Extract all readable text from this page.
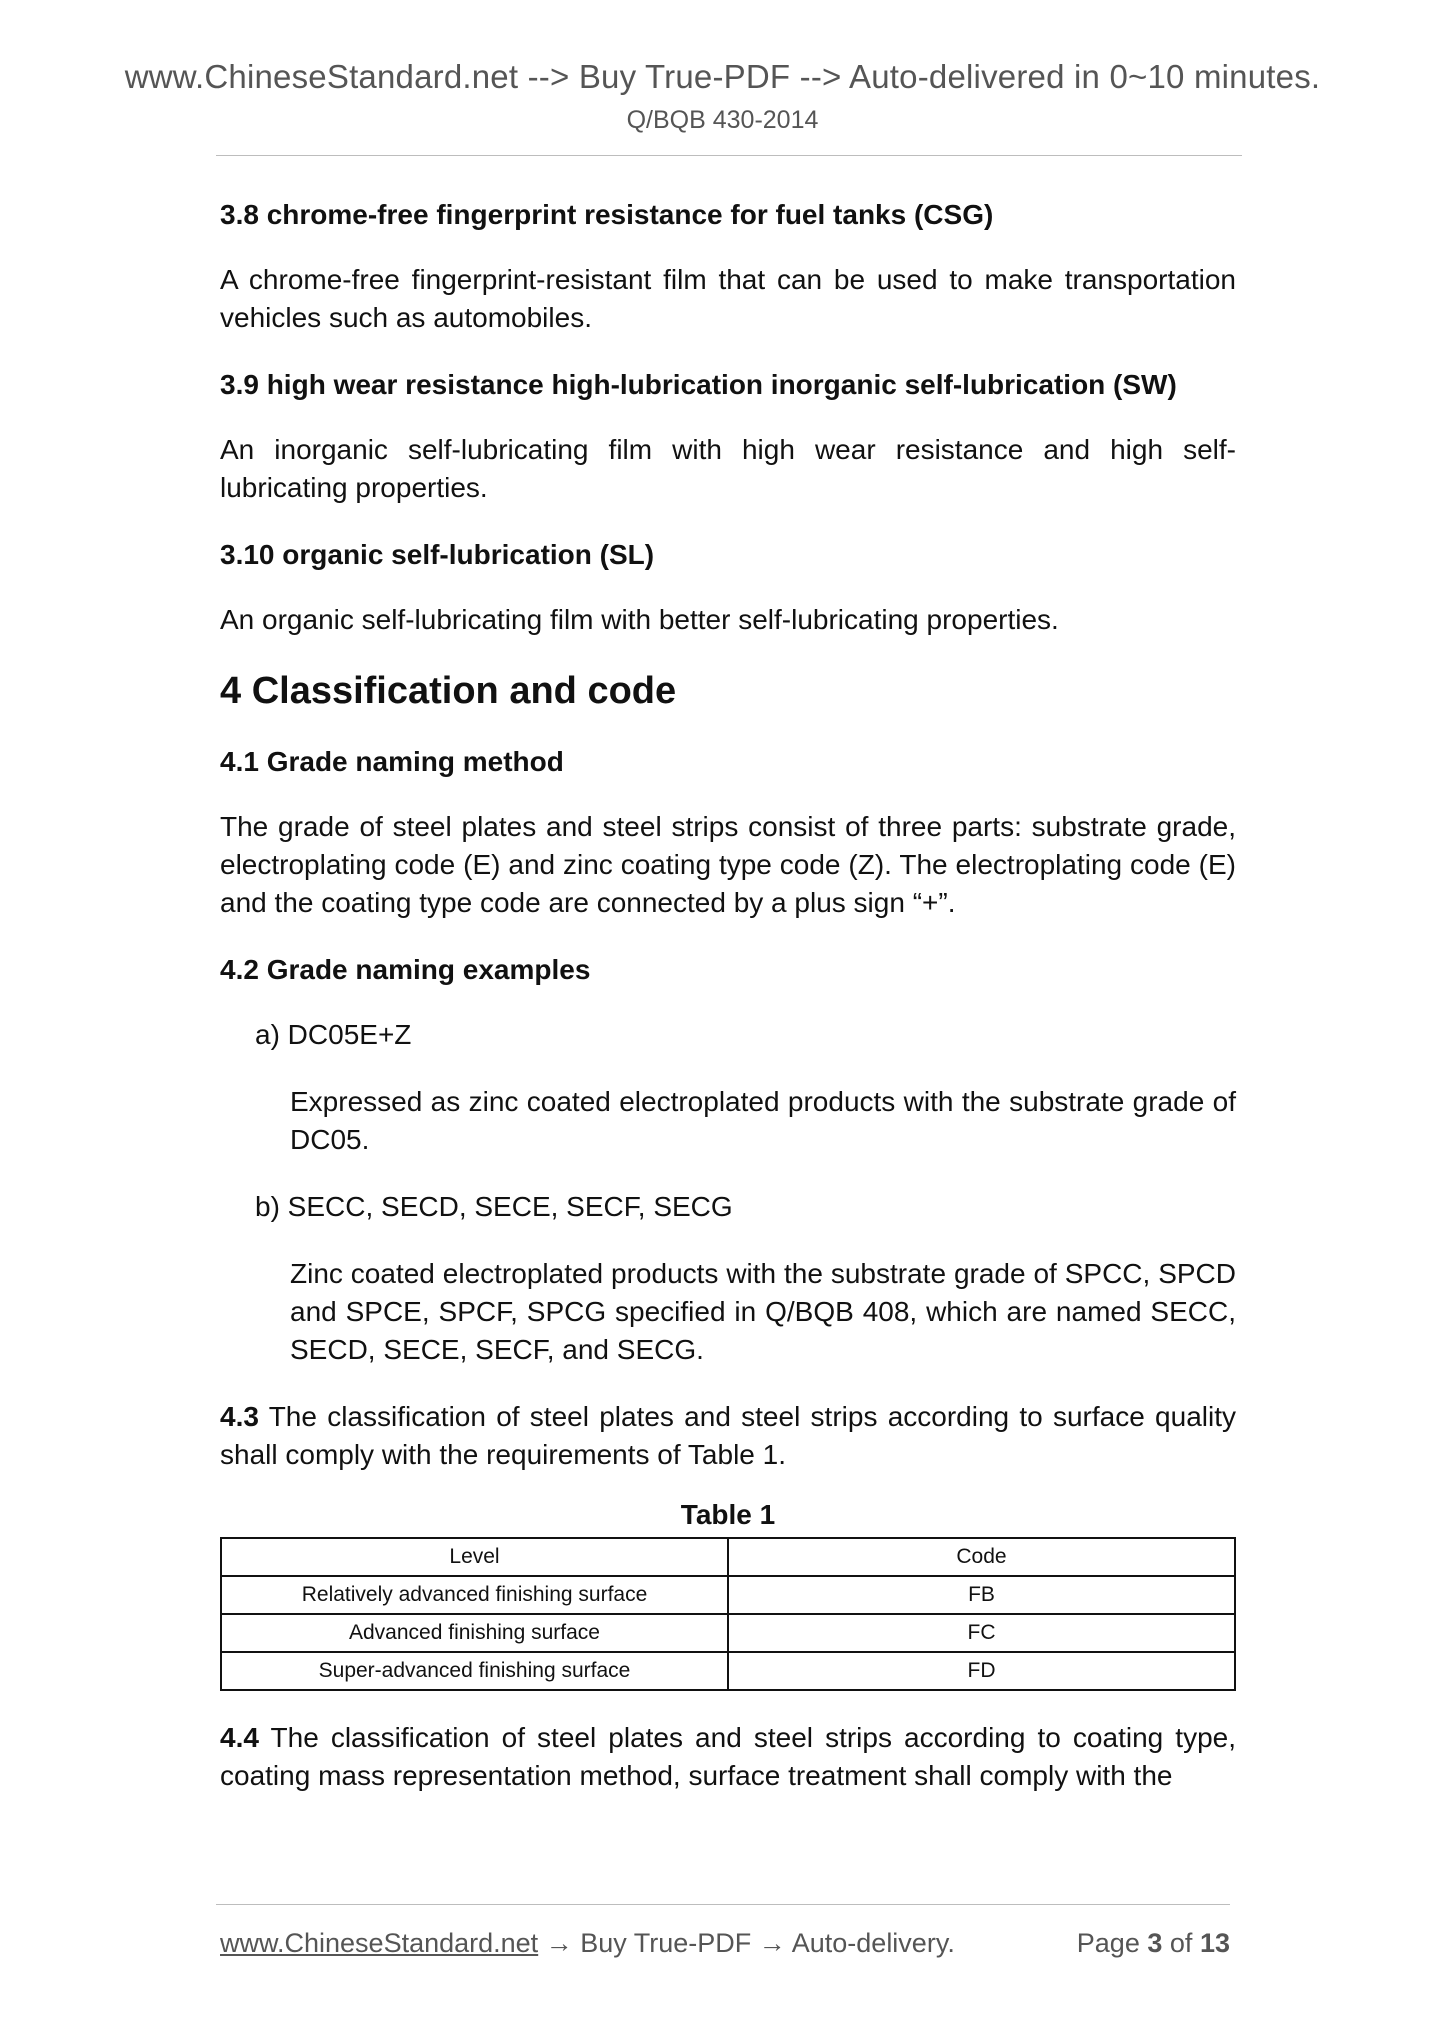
www.ChineseStandard.net --> Buy True-PDF --> Auto-delivered in 0~10 minutes.
Q/BQB 430-2014
3.8 chrome-free fingerprint resistance for fuel tanks (CSG)
A chrome-free fingerprint-resistant film that can be used to make transportation vehicles such as automobiles.
3.9 high wear resistance high-lubrication inorganic self-lubrication (SW)
An inorganic self-lubricating film with high wear resistance and high self-lubricating properties.
3.10 organic self-lubrication (SL)
An organic self-lubricating film with better self-lubricating properties.
4 Classification and code
4.1 Grade naming method
The grade of steel plates and steel strips consist of three parts: substrate grade, electroplating code (E) and zinc coating type code (Z). The electroplating code (E) and the coating type code are connected by a plus sign “+”.
4.2 Grade naming examples
a) DC05E+Z
Expressed as zinc coated electroplated products with the substrate grade of DC05.
b) SECC, SECD, SECE, SECF, SECG
Zinc coated electroplated products with the substrate grade of SPCC, SPCD and SPCE, SPCF, SPCG specified in Q/BQB 408, which are named SECC, SECD, SECE, SECF, and SECG.
4.3 The classification of steel plates and steel strips according to surface quality shall comply with the requirements of Table 1.
Table 1
Level	Code
Relatively advanced finishing surface	FB
Advanced finishing surface	FC
Super-advanced finishing surface	FD
4.4 The classification of steel plates and steel strips according to coating type, coating mass representation method, surface treatment shall comply with the
www.ChineseStandard.net → Buy True-PDF → Auto-delivery.	Page 3 of 13
